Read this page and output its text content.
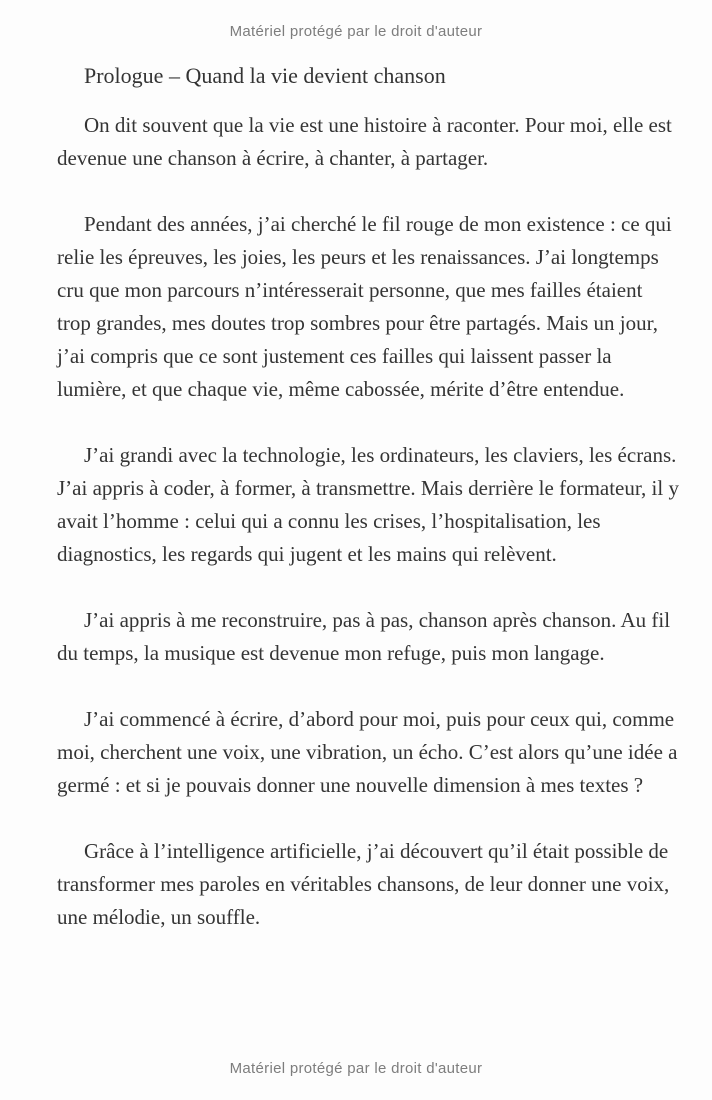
Matériel protégé par le droit d'auteur
Prologue – Quand la vie devient chanson

On dit souvent que la vie est une histoire à raconter. Pour moi, elle est devenue une chanson à écrire, à chanter, à partager.

Pendant des années, j’ai cherché le fil rouge de mon existence : ce qui relie les épreuves, les joies, les peurs et les renaissances. J’ai longtemps cru que mon parcours n’intéresserait personne, que mes failles étaient trop grandes, mes doutes trop sombres pour être partagés. Mais un jour, j’ai compris que ce sont justement ces failles qui laissent passer la lumière, et que chaque vie, même cabossée, mérite d’être entendue.

J’ai grandi avec la technologie, les ordinateurs, les claviers, les écrans. J’ai appris à coder, à former, à transmettre. Mais derrière le formateur, il y avait l’homme : celui qui a connu les crises, l’hospitalisation, les diagnostics, les regards qui jugent et les mains qui relèvent.

J’ai appris à me reconstruire, pas à pas, chanson après chanson. Au fil du temps, la musique est devenue mon refuge, puis mon langage.

J’ai commencé à écrire, d’abord pour moi, puis pour ceux qui, comme moi, cherchent une voix, une vibration, un écho. C’est alors qu’une idée a germé : et si je pouvais donner une nouvelle dimension à mes textes ?

Grâce à l’intelligence artificielle, j’ai découvert qu’il était possible de transformer mes paroles en véritables chansons, de leur donner une voix, une mélodie, un souffle.

Matériel protégé par le droit d'auteur
